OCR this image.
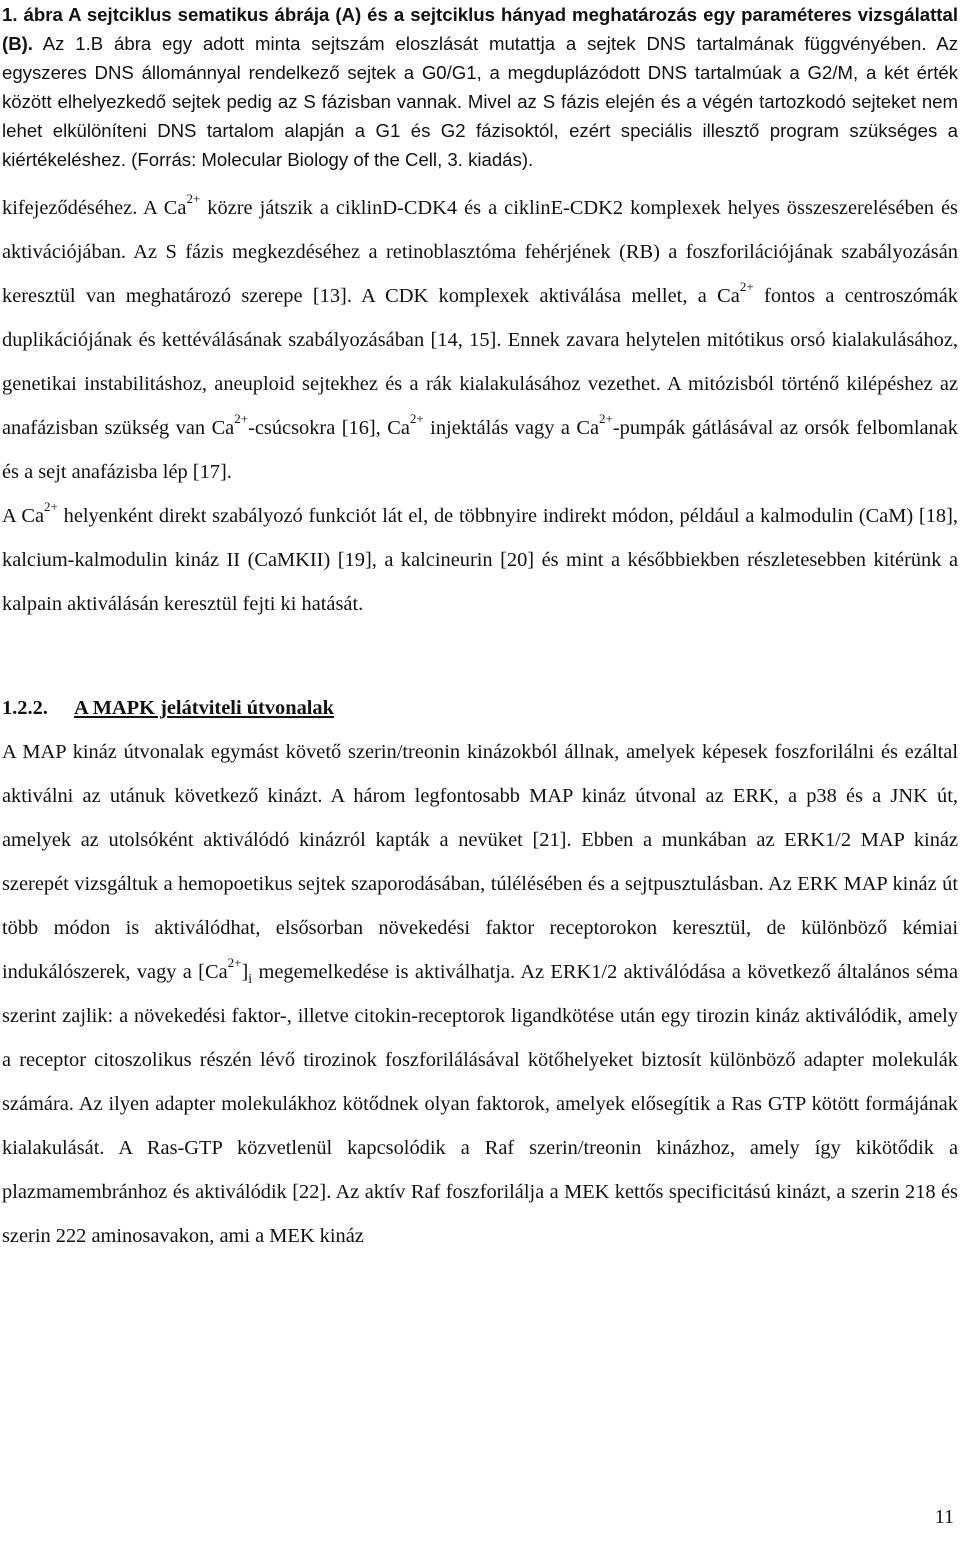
1. ábra A sejtciklus sematikus ábrája (A) és a sejtciklus hányad meghatározás egy paraméteres vizsgálattal (B). Az 1.B ábra egy adott minta sejtszám eloszlását mutattja a sejtek DNS tartalmának függvényében. Az egyszeres DNS állománnyal rendelkező sejtek a G0/G1, a megduplázódott DNS tartalmúak a G2/M, a két érték között elhelyezkedő sejtek pedig az S fázisban vannak. Mivel az S fázis elején és a végén tartozkodó sejteket nem lehet elkülöníteni DNS tartalom alapján a G1 és G2 fázisoktól, ezért speciális illesztő program szükséges a kiértékeléshez. (Forrás: Molecular Biology of the Cell, 3. kiadás).

kifejeződéséhez. A $Ca^{2+}$ közre játszik a ciklinD-CDK4 és a ciklinE-CDK2 komplexek helyes összeszerelésében és aktivációjában. Az S fázis megkezdéséhez a retinoblasztóma fehérjének (RB) a foszforilációjának szabályozásán keresztül van meghatározó szerepe [13]. A CDK komplexek aktiválása mellet, a $Ca^{2+}$ fontos a centroszómák duplikációjának és kettéválásának szabályozásában [14, 15]. Ennek zavara helytelen mitótikus orsó kialakulásához, genetikai instabilitáshoz, aneuploid sejtekhez és a rák kialakulásához vezethet. A mitózisból történő kilépéshez az anafázisban szükség van $Ca^{2+}$-csúcsokra [16], $Ca^{2+}$ injektálás vagy a $Ca^{2+}$-pumpák gátlásával az orsók felbomlanak és a sejt anafázisba lép [17].

A $Ca^{2+}$ helyenként direkt szabályozó funkciót lát el, de többnyire indirekt módon, például a kalmodulin (CaM) [18], kalcium-kalmodulin kináz II (CaMKII) [19], a kalcineurin [20] és mint a későbbiekben részletesebben kitérünk a kalpain aktiválásán keresztül fejti ki hatását.

1.2.2. A MAPK jelátviteli útvonalak

A MAP kináz útvonalak egymást követő szerin/treonin kinázokból állnak, amelyek képesek foszforilálni és ezáltal aktiválni az utánuk következő kinázt. A három legfontosabb MAP kináz útvonal az ERK, a p38 és a JNK út, amelyek az utolsóként aktiválódó kinázról kapták a nevüket [21]. Ebben a munkában az ERK1/2 MAP kináz szerepét vizsgáltuk a hemopoetikus sejtek szaporodásában, túlélésében és a sejtpusztulásban. Az ERK MAP kináz út több módon is aktiválódhat, elsősorban növekedési faktor receptorokon keresztül, de különböző kémiai indukálószerek, vagy a $[Ca^{2+}]_i$ megemelkedése is aktiválhatja. Az ERK1/2 aktiválódása a következő általános séma szerint zajlik: a növekedési faktor-, illetve citokin-receptorok ligandkötése után egy tirozin kináz aktiválódik, amely a receptor citoszolikus részén lévő tirozinok foszforilálásával kötőhelyeket biztosít különböző adapter molekulák számára. Az ilyen adapter molekulákhoz kötődnek olyan faktorok, amelyek elősegítik a Ras GTP kötött formájának kialakulását. A Ras-GTP közvetlenül kapcsolódik a Raf szerin/treonin kinázhoz, amely így kikötődik a plazmamembránhoz és aktiválódik [22]. Az aktív Raf foszforilálja a MEK kettős specificitású kinázt, a szerin 218 és szerin 222 aminosavakon, ami a MEK kináz

11
